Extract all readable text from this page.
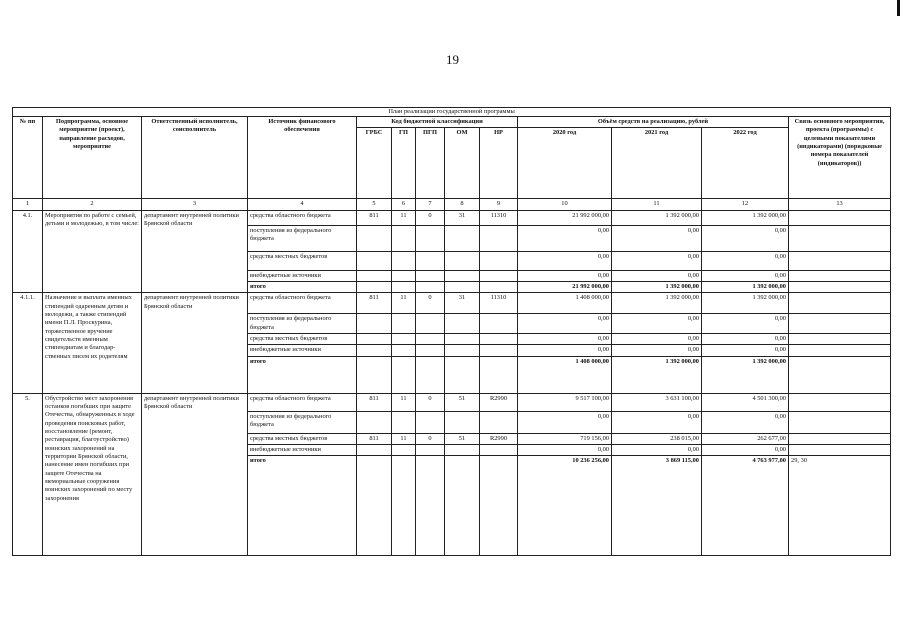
19
План реализации государственной программы												
№ пп	Подпрограмма, основное мероприятие (проект), направление расходов, мероприятие	Ответственный исполнитель, соисполнитель	Источник финансового обеспечения	Код бюджетной классификации					Объём средств на реализацию, рублей			Связь основного мероприятия, проекта (программы) с целевыми показателями (индикаторами) (порядковые номера показателей (индикаторов))
				ГРБС	ГП	ПГП	ОМ	НР	2020 год	2021 год	2022 год	
1	2	3	4	5	6	7	8	9	10	11	12	13
4.1.	Мероприятия по работе с семьей, детьми и молодежью, в том числе:	департамент внутренней политики Брянской области	средства областного бюджета	811	11	0	31	11310	21 992 000,00	1 392 000,00	1 392 000,00	
			поступления из федерального бюджета						0,00	0,00	0,00	
			средства местных бюджетов						0,00	0,00	0,00	
			внебюджетные источники						0,00	0,00	0,00	
			итого						21 992 000,00	1 392 000,00	1 392 000,00	
4.1.1.	Назначение и выплата именных стипендий одаренным детям и молодежи, а также стипендий имени П.Л. Проскурина, торжественное вручение свидетельств именным стипендиатам и благодар-ственных писем их родителям	департамент внутренней политики Брянской области	средства областного бюджета	811	11	0	31	11310	1 408 000,00	1 392 000,00	1 392 000,00	
			поступления из федерального бюджета						0,00	0,00	0,00	
			средства местных бюджетов						0,00	0,00	0,00	
			внебюджетные источники						0,00	0,00	0,00	
			итого						1 408 000,00	1 392 000,00	1 392 000,00	
5.	Обустройство мест захоронения останков погибших при защите Отечества, обнаруженных в ходе проведения поисковых работ, восстановление (ремонт, реставрация, благоустройство) воинских захоронений на территории Брянской области, нанесение имен погибших при защите Отечества на мемориальные сооружения воинских захоронений по месту захоронения	департамент внутренней политики Брянской области	средства областного бюджета	811	11	0	51	R2990	9 517 100,00	3 631 100,00	4 501 300,00	
			поступления из федерального бюджета						0,00	0,00	0,00	
			средства местных бюджетов	811	11	0	51	R2990	719 156,00	238 015,00	262 677,00	
			внебюджетные источники						0,00	0,00	0,00	
			итого						10 236 256,00	3 869 115,00	4 763 977,00	29, 30
